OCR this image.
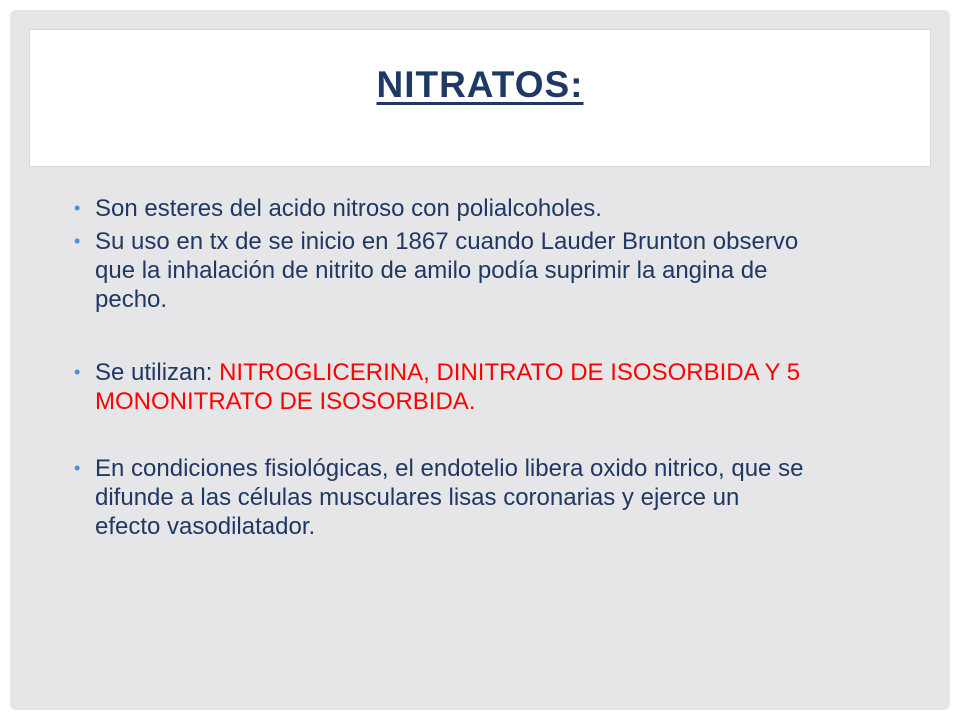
NITRATOS:
• Son esteres del acido nitroso con polialcoholes.
• Su uso en tx de se inicio en 1867 cuando Lauder Brunton observo que la inhalación de nitrito de amilo podía suprimir la angina de pecho.
• Se utilizan: NITROGLICERINA, DINITRATO DE ISOSORBIDA Y 5 MONONITRATO DE ISOSORBIDA.
• En condiciones fisiológicas, el endotelio libera oxido nitrico, que se difunde a las células musculares lisas coronarias y ejerce un efecto vasodilatador.
